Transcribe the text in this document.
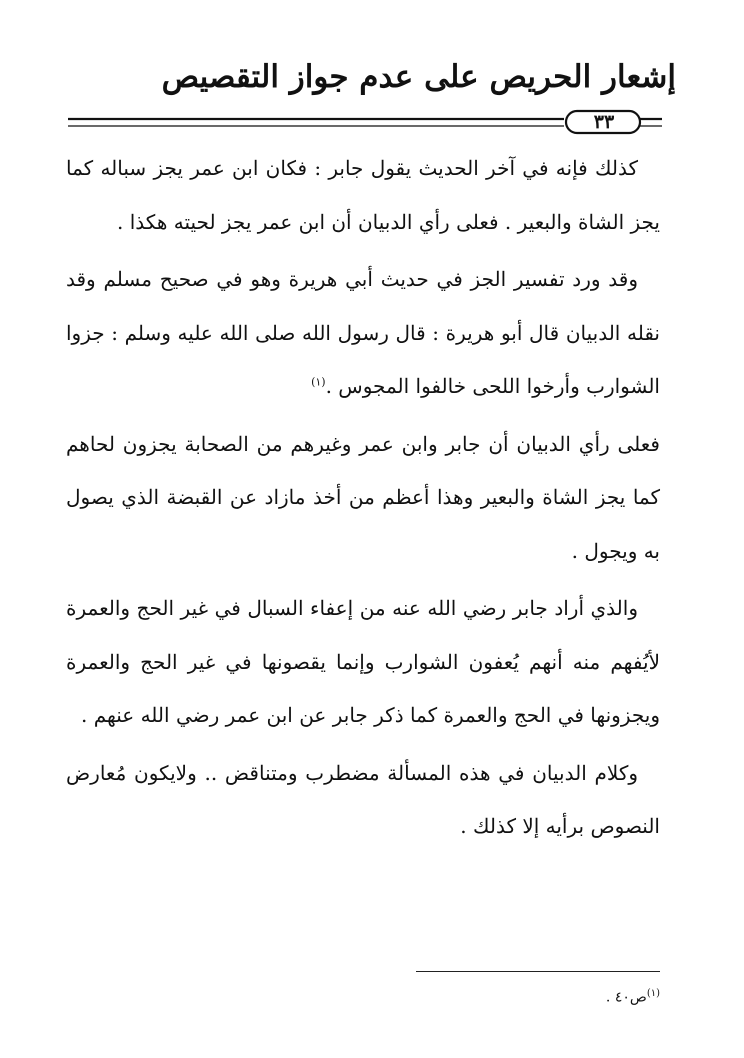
إشعار الحريص على عدم جواز التقصيص
٣٣

كذلك فإنه في آخر الحديث يقول جابر : فكان ابن عمر يجز سباله كما يجز الشاة والبعير . فعلى رأي الدبيان أن ابن عمر يجز لحيته هكذا .

وقد ورد تفسير الجز في حديث أبي هريرة وهو في صحيح مسلم وقد نقله الدبيان قال أبو هريرة : قال رسول الله صلى الله عليه وسلم : جزوا الشوارب وأرخوا اللحى خالفوا المجوس .$^{(١)}$

فعلى رأي الدبيان أن جابر وابن عمر وغيرهم من الصحابة يجزون لحاهم كما يجز الشاة والبعير وهذا أعظم من أخذ مازاد عن القبضة الذي يصول به ويجول .

والذي أراد جابر رضي الله عنه من إعفاء السبال في غير الحج والعمرة لأيُفهم منه أنهم يُعفون الشوارب وإنما يقصونها في غير الحج والعمرة ويجزونها في الحج والعمرة كما ذكر جابر عن ابن عمر رضي الله عنهم .

وكلام الدبيان في هذه المسألة مضطرب ومتناقض .. ولايكون مُعارض النصوص برأيه إلا كذلك .

$^{(١)}$ص٤٠ .
